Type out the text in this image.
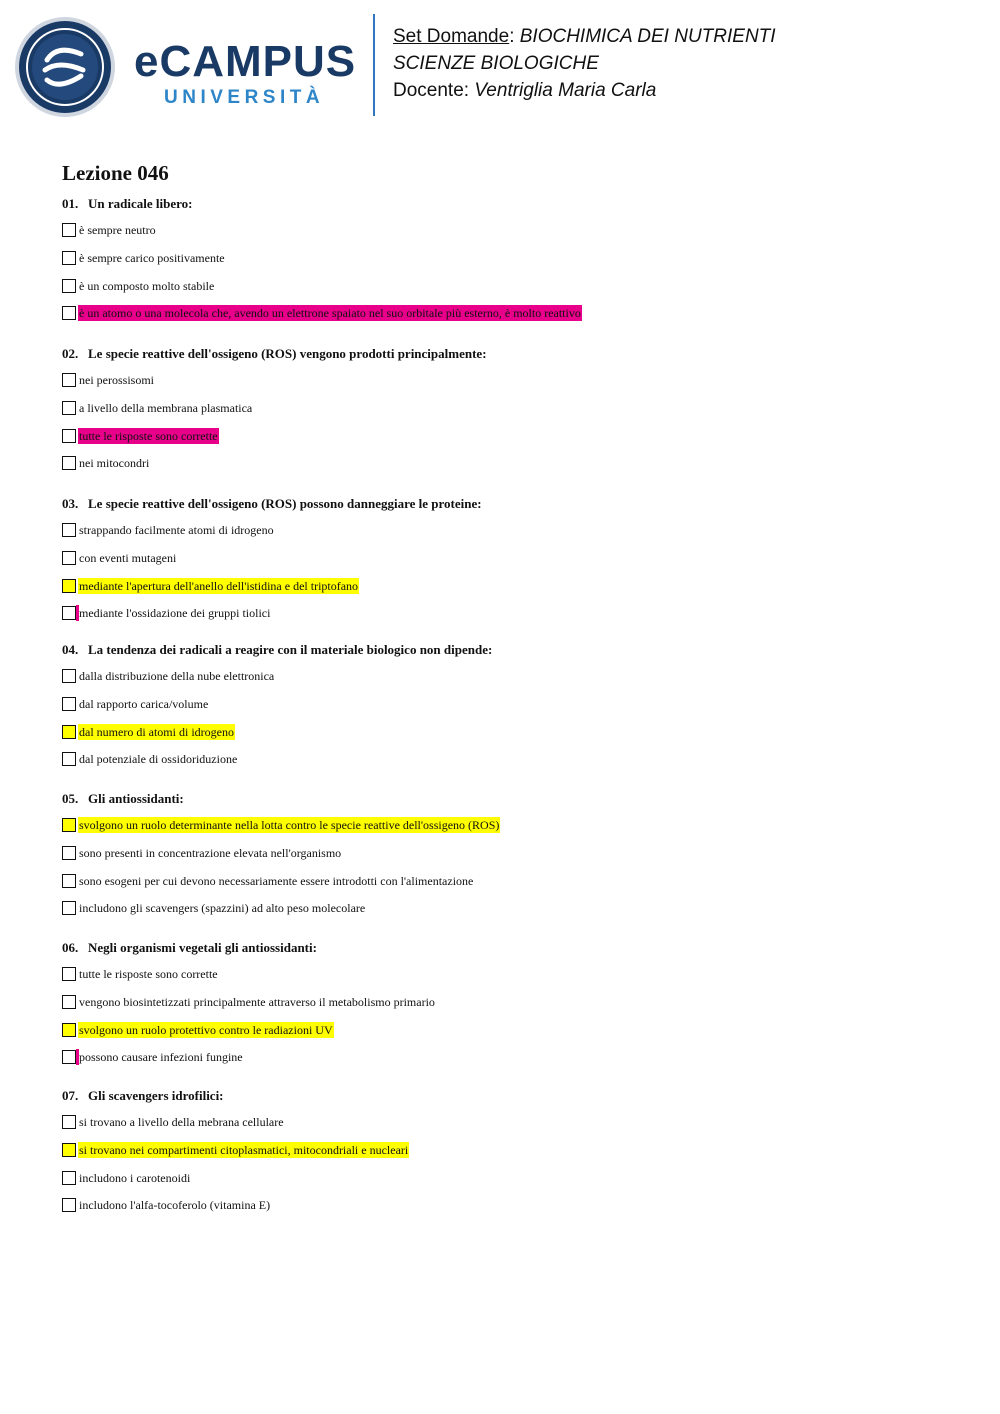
eCAMPUS
UNIVERSITÀ
Set Domande: BIOCHIMICA DEI NUTRIENTI
SCIENZE BIOLOGICHE
Docente: Ventriglia Maria Carla
Lezione 046
01. Un radicale libero:
è sempre neutro
è sempre carico positivamente
è un composto molto stabile
è un atomo o una molecola che, avendo un elettrone spaiato nel suo orbitale più esterno, è molto reattivo
02. Le specie reattive dell'ossigeno (ROS) vengono prodotti principalmente:
nei perossisomi
a livello della membrana plasmatica
tutte le risposte sono corrette
nei mitocondri
03. Le specie reattive dell'ossigeno (ROS) possono danneggiare le proteine:
strappando facilmente atomi di idrogeno
con eventi mutageni
mediante l'apertura dell'anello dell'istidina e del triptofano
mediante l'ossidazione dei gruppi tiolici
04. La tendenza dei radicali a reagire con il materiale biologico non dipende:
dalla distribuzione della nube elettronica
dal rapporto carica/volume
dal numero di atomi di idrogeno
dal potenziale di ossidoriduzione
05. Gli antiossidanti:
svolgono un ruolo determinante nella lotta contro le specie reattive dell'ossigeno (ROS)
sono presenti in concentrazione elevata nell'organismo
sono esogeni per cui devono necessariamente essere introdotti con l'alimentazione
includono gli scavengers (spazzini) ad alto peso molecolare
06. Negli organismi vegetali gli antiossidanti:
tutte le risposte sono corrette
vengono biosintetizzati principalmente attraverso il metabolismo primario
svolgono un ruolo protettivo contro le radiazioni UV
possono causare infezioni fungine
07. Gli scavengers idrofilici:
si trovano a livello della mebrana cellulare
si trovano nei compartimenti citoplasmatici, mitocondriali e nucleari
includono i carotenoidi
includono l'alfa-tocoferolo (vitamina E)
